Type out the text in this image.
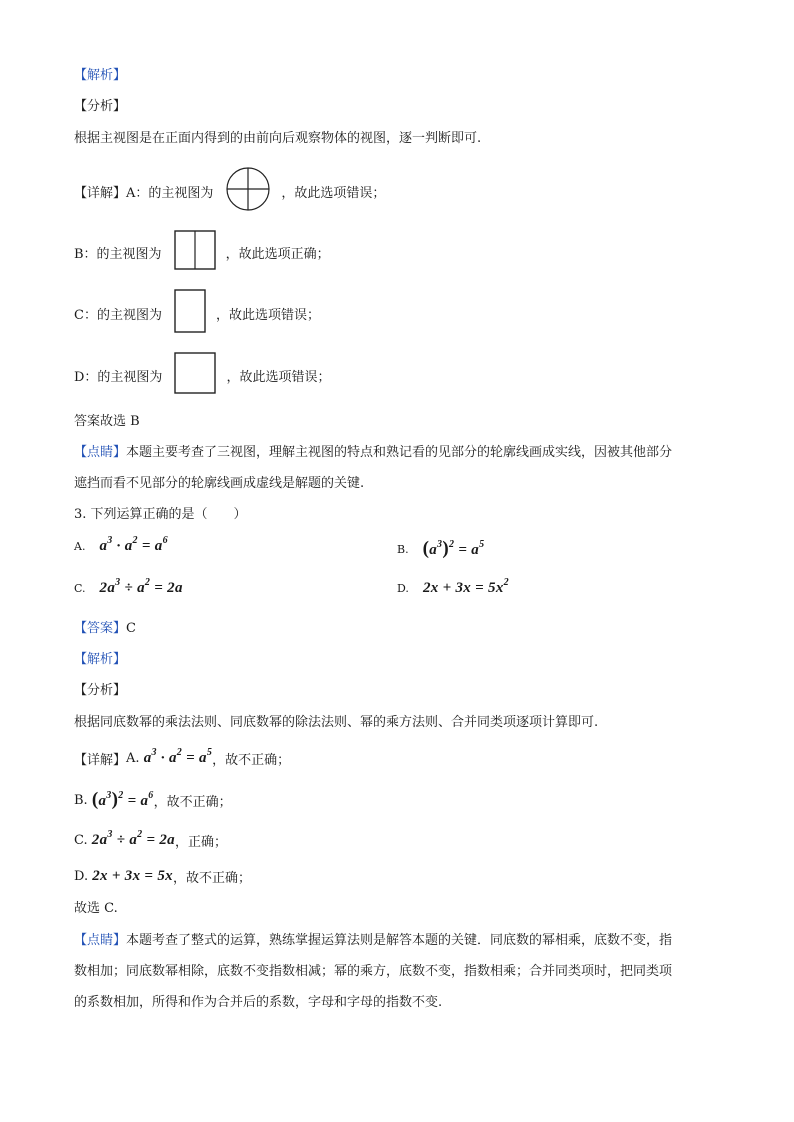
【解析】
【分析】
根据主视图是在正面内得到的由前向后观察物体的视图，逐一判断即可.
【详解】 A：的主视图为	，故此选项错误；
B：的主视图为	，故此选项正确；
C：的主视图为	，故此选项错误；
D：的主视图为	，故此选项错误；
答案故选 B
【点睛】本题主要考查了三视图，理解主视图的特点和熟记看的见部分的轮廓线画成实线，因被其他部分
遮挡而看不见部分的轮廓线画成虚线是解题的关键.
3. 下列运算正确的是（　　）
A. $a^3 \cdot a^2 = a^6$
B. $(a^3)^2 = a^5$
C. $2a^3 \div a^2 = 2a$	D. $2x + 3x = 5x^2$
【答案】C
【解析】
【分析】
根据同底数幂的乘法法则、同底数幂的除法法则、幂的乘方法则、合并同类项逐项计算即可.
【详解】 A.
$a^3 \cdot a^2 = a^5$
，故不正确；
B.
$(a^3)^2 = a^6$ ，故不正确；
C.
$2a^3 \div a^2 = 2a$ ，正确；
D.
2x + 3x = 5x ，故不正确；
故选 C.
【点睛】本题考查了整式的运算，熟练掌握运算法则是解答本题的关键．同底数的幂相乘，底数不变，指
数相加；同底数幂相除，底数不变指数相减；幂的乘方，底数不变，指数相乘；合并同类项时，把同类项
的系数相加，所得和作为合并后的系数，字母和字母的指数不变.
